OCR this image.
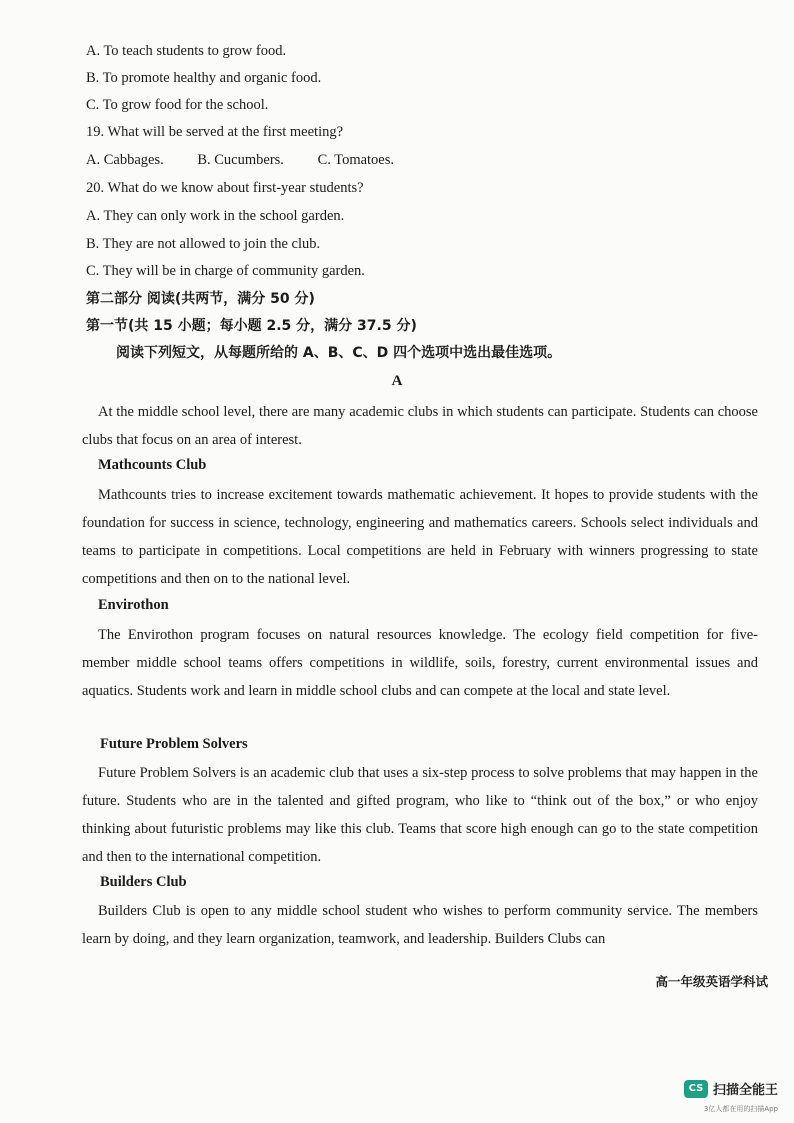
A. To teach students to grow food.
B. To promote healthy and organic food.
C. To grow food for the school.
19. What will be served at the first meeting?
A. Cabbages. B. Cucumbers. C. Tomatoes.
20. What do we know about first-year students?
A. They can only work in the school garden.
B. They are not allowed to join the club.
C. They will be in charge of community garden.
第二部分 阅读(共两节，满分 50 分)
第一节(共 15 小题；每小题 2.5 分，满分 37.5 分)
阅读下列短文，从每题所给的 A、B、C、D 四个选项中选出最佳选项。
A

At the middle school level, there are many academic clubs in which students can participate. Students can choose clubs that focus on an area of interest.

Mathcounts Club

Mathcounts tries to increase excitement towards mathematic achievement. It hopes to provide students with the foundation for success in science, technology, engineering and mathematics careers. Schools select individuals and teams to participate in competitions. Local competitions are held in February with winners progressing to state competitions and then on to the national level.

Envirothon

The Envirothon program focuses on natural resources knowledge. The ecology field competition for five-member middle school teams offers competitions in wildlife, soils, forestry, current environmental issues and aquatics. Students work and learn in middle school clubs and can compete at the local and state level.

Future Problem Solvers

Future Problem Solvers is an academic club that uses a six-step process to solve problems that may happen in the future. Students who are in the talented and gifted program, who like to “think out of the box,” or who enjoy thinking about futuristic problems may like this club. Teams that score high enough can go to the state competition and then to the international competition.

Builders Club

Builders Club is open to any middle school student who wishes to perform community service. The members learn by doing, and they learn organization, teamwork, and leadership. Builders Clubs can

高一年级英语学科试
CS 扫描全能王
3亿人都在用的扫描App
